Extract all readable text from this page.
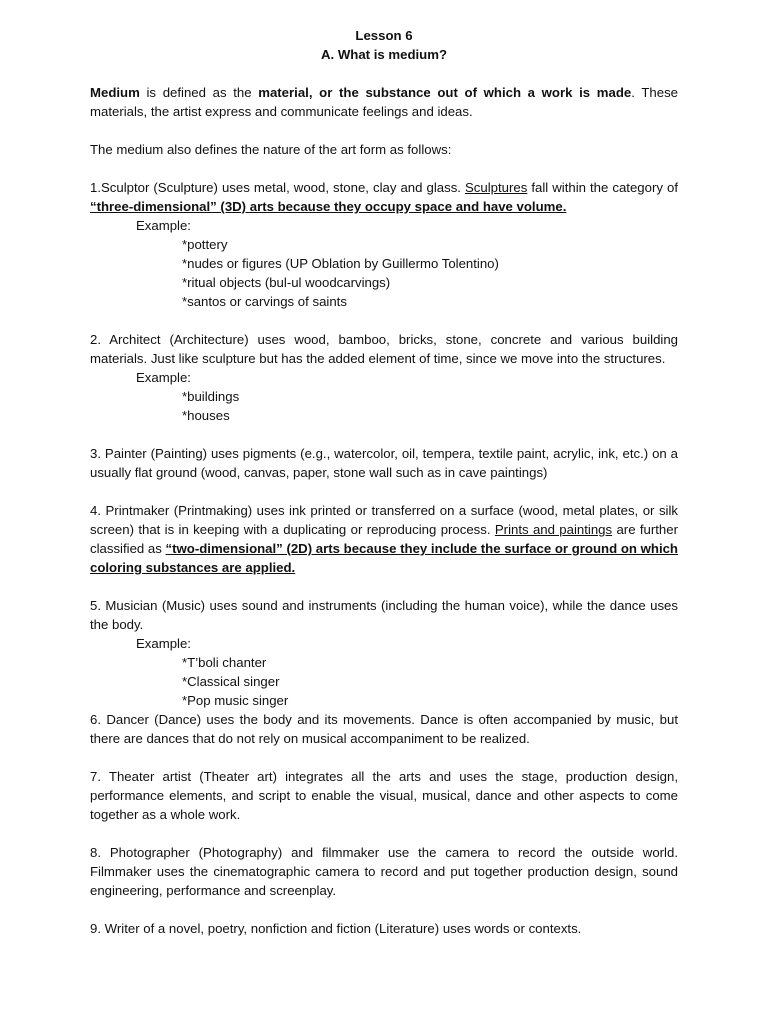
Lesson 6

A. What is medium?

Medium is defined as the material, or the substance out of which a work is made. These materials, the artist express and communicate feelings and ideas.

The medium also defines the nature of the art form as follows:

1.Sculptor (Sculpture) uses metal, wood, stone, clay and glass. Sculptures fall within the category of “three-dimensional” (3D) arts because they occupy space and have volume.

Example:

*pottery
*nudes or figures (UP Oblation by Guillermo Tolentino)
*ritual objects (bul-ul woodcarvings)
*santos or carvings of saints

2. Architect (Architecture) uses wood, bamboo, bricks, stone, concrete and various building materials. Just like sculpture but has the added element of time, since we move into the structures.

Example:

*buildings
*houses

3. Painter (Painting) uses pigments (e.g., watercolor, oil, tempera, textile paint, acrylic, ink, etc.) on a usually flat ground (wood, canvas, paper, stone wall such as in cave paintings)

4. Printmaker (Printmaking) uses ink printed or transferred on a surface (wood, metal plates, or silk screen) that is in keeping with a duplicating or reproducing process. Prints and paintings are further classified as “two-dimensional” (2D) arts because they include the surface or ground on which coloring substances are applied.

5. Musician (Music) uses sound and instruments (including the human voice), while the dance uses the body.

Example:

*T’boli chanter
*Classical singer
*Pop music singer

6. Dancer (Dance) uses the body and its movements. Dance is often accompanied by music, but there are dances that do not rely on musical accompaniment to be realized.

7. Theater artist (Theater art) integrates all the arts and uses the stage, production design, performance elements, and script to enable the visual, musical, dance and other aspects to come together as a whole work.

8. Photographer (Photography) and filmmaker use the camera to record the outside world. Filmmaker uses the cinematographic camera to record and put together production design, sound engineering, performance and screenplay.

9. Writer of a novel, poetry, nonfiction and fiction (Literature) uses words or contexts.
